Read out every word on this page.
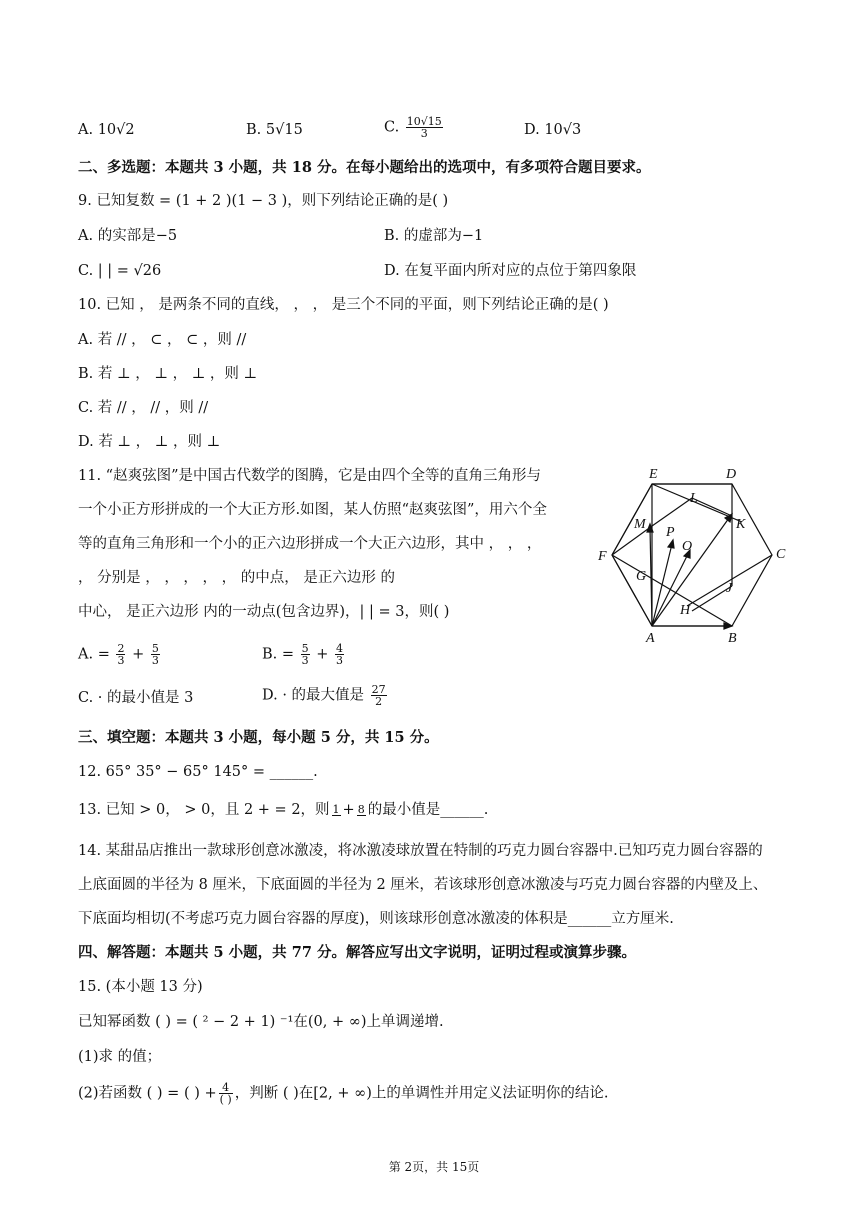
A. 10√2	B. 5√15	C. $\frac{10√15}{3}$	D. 10√3
二、多选题：本题共 3 小题，共 18 分。在每小题给出的选项中，有多项符合题目要求。
9. 已知复数 = (1 + 2 )(1 − 3 )，则下列结论正确的是( )
A. 的实部是−5	B. 的虚部为−1
C. | | = √26	D. 在复平面内所对应的点位于第四象限
10. 已知 ， 是两条不同的直线， ， ， 是三个不同的平面，则下列结论正确的是( )
A. 若 // ， ⊂ ， ⊂ ，则 //
B. 若 ⊥ ， ⊥ ， ⊥ ，则 ⊥
C. 若 // ， // ，则 //
D. 若 ⊥ ， ⊥ ，则 ⊥
11. “赵爽弦图”是中国古代数学的图腾，它是由四个全等的直角三角形与
一个小正方形拼成的一个大正方形.如图，某人仿照“赵爽弦图”，用六个全
等的直角三角形和一个小的正六边形拼成一个大正六边形，其中 ， ， ，
， 分别是 ， ， ， ， ， 的中点， 是正六边形 的
中心， 是正六边形 内的一动点(包含边界)，| | = 3，则( )
A. = $\frac{2}{3} + \frac{5}{3}$	B. = $\frac{5}{3} + \frac{4}{3}$
C. · 的最小值是 3	D. · 的最大值是 $\frac{27}{2}$
E	D
L
M
P
K
O
F	C
G
J
H
A	B
三、填空题：本题共 3 小题，每小题 5 分，共 15 分。
12. 65° 35° − 65° 145° = ______.
13. 已知 > 0， > 0，且 2 + = 2，则 1 + 8 的最小值是______.
14. 某甜品店推出一款球形创意冰激凌，将冰激凌球放置在特制的巧克力圆台容器中.已知巧克力圆台容器的
上底面圆的半径为 8 厘米，下底面圆的半径为 2 厘米，若该球形创意冰激凌与巧克力圆台容器的内壁及上、
下底面均相切(不考虑巧克力圆台容器的厚度)，则该球形创意冰激凌的体积是______立方厘米.
四、解答题：本题共 5 小题，共 77 分。解答应写出文字说明，证明过程或演算步骤。
15. (本小题 13 分)
已知幂函数 ( ) = ( ² − 2 + 1) ⁻¹在(0, + ∞)上单调递增.
(1)求 的值；
(2)若函数 ( ) = ( ) + $\frac{4}{( )}$ ，判断 ( )在[2, + ∞)上的单调性并用定义法证明你的结论.
第 2页，共 15页
